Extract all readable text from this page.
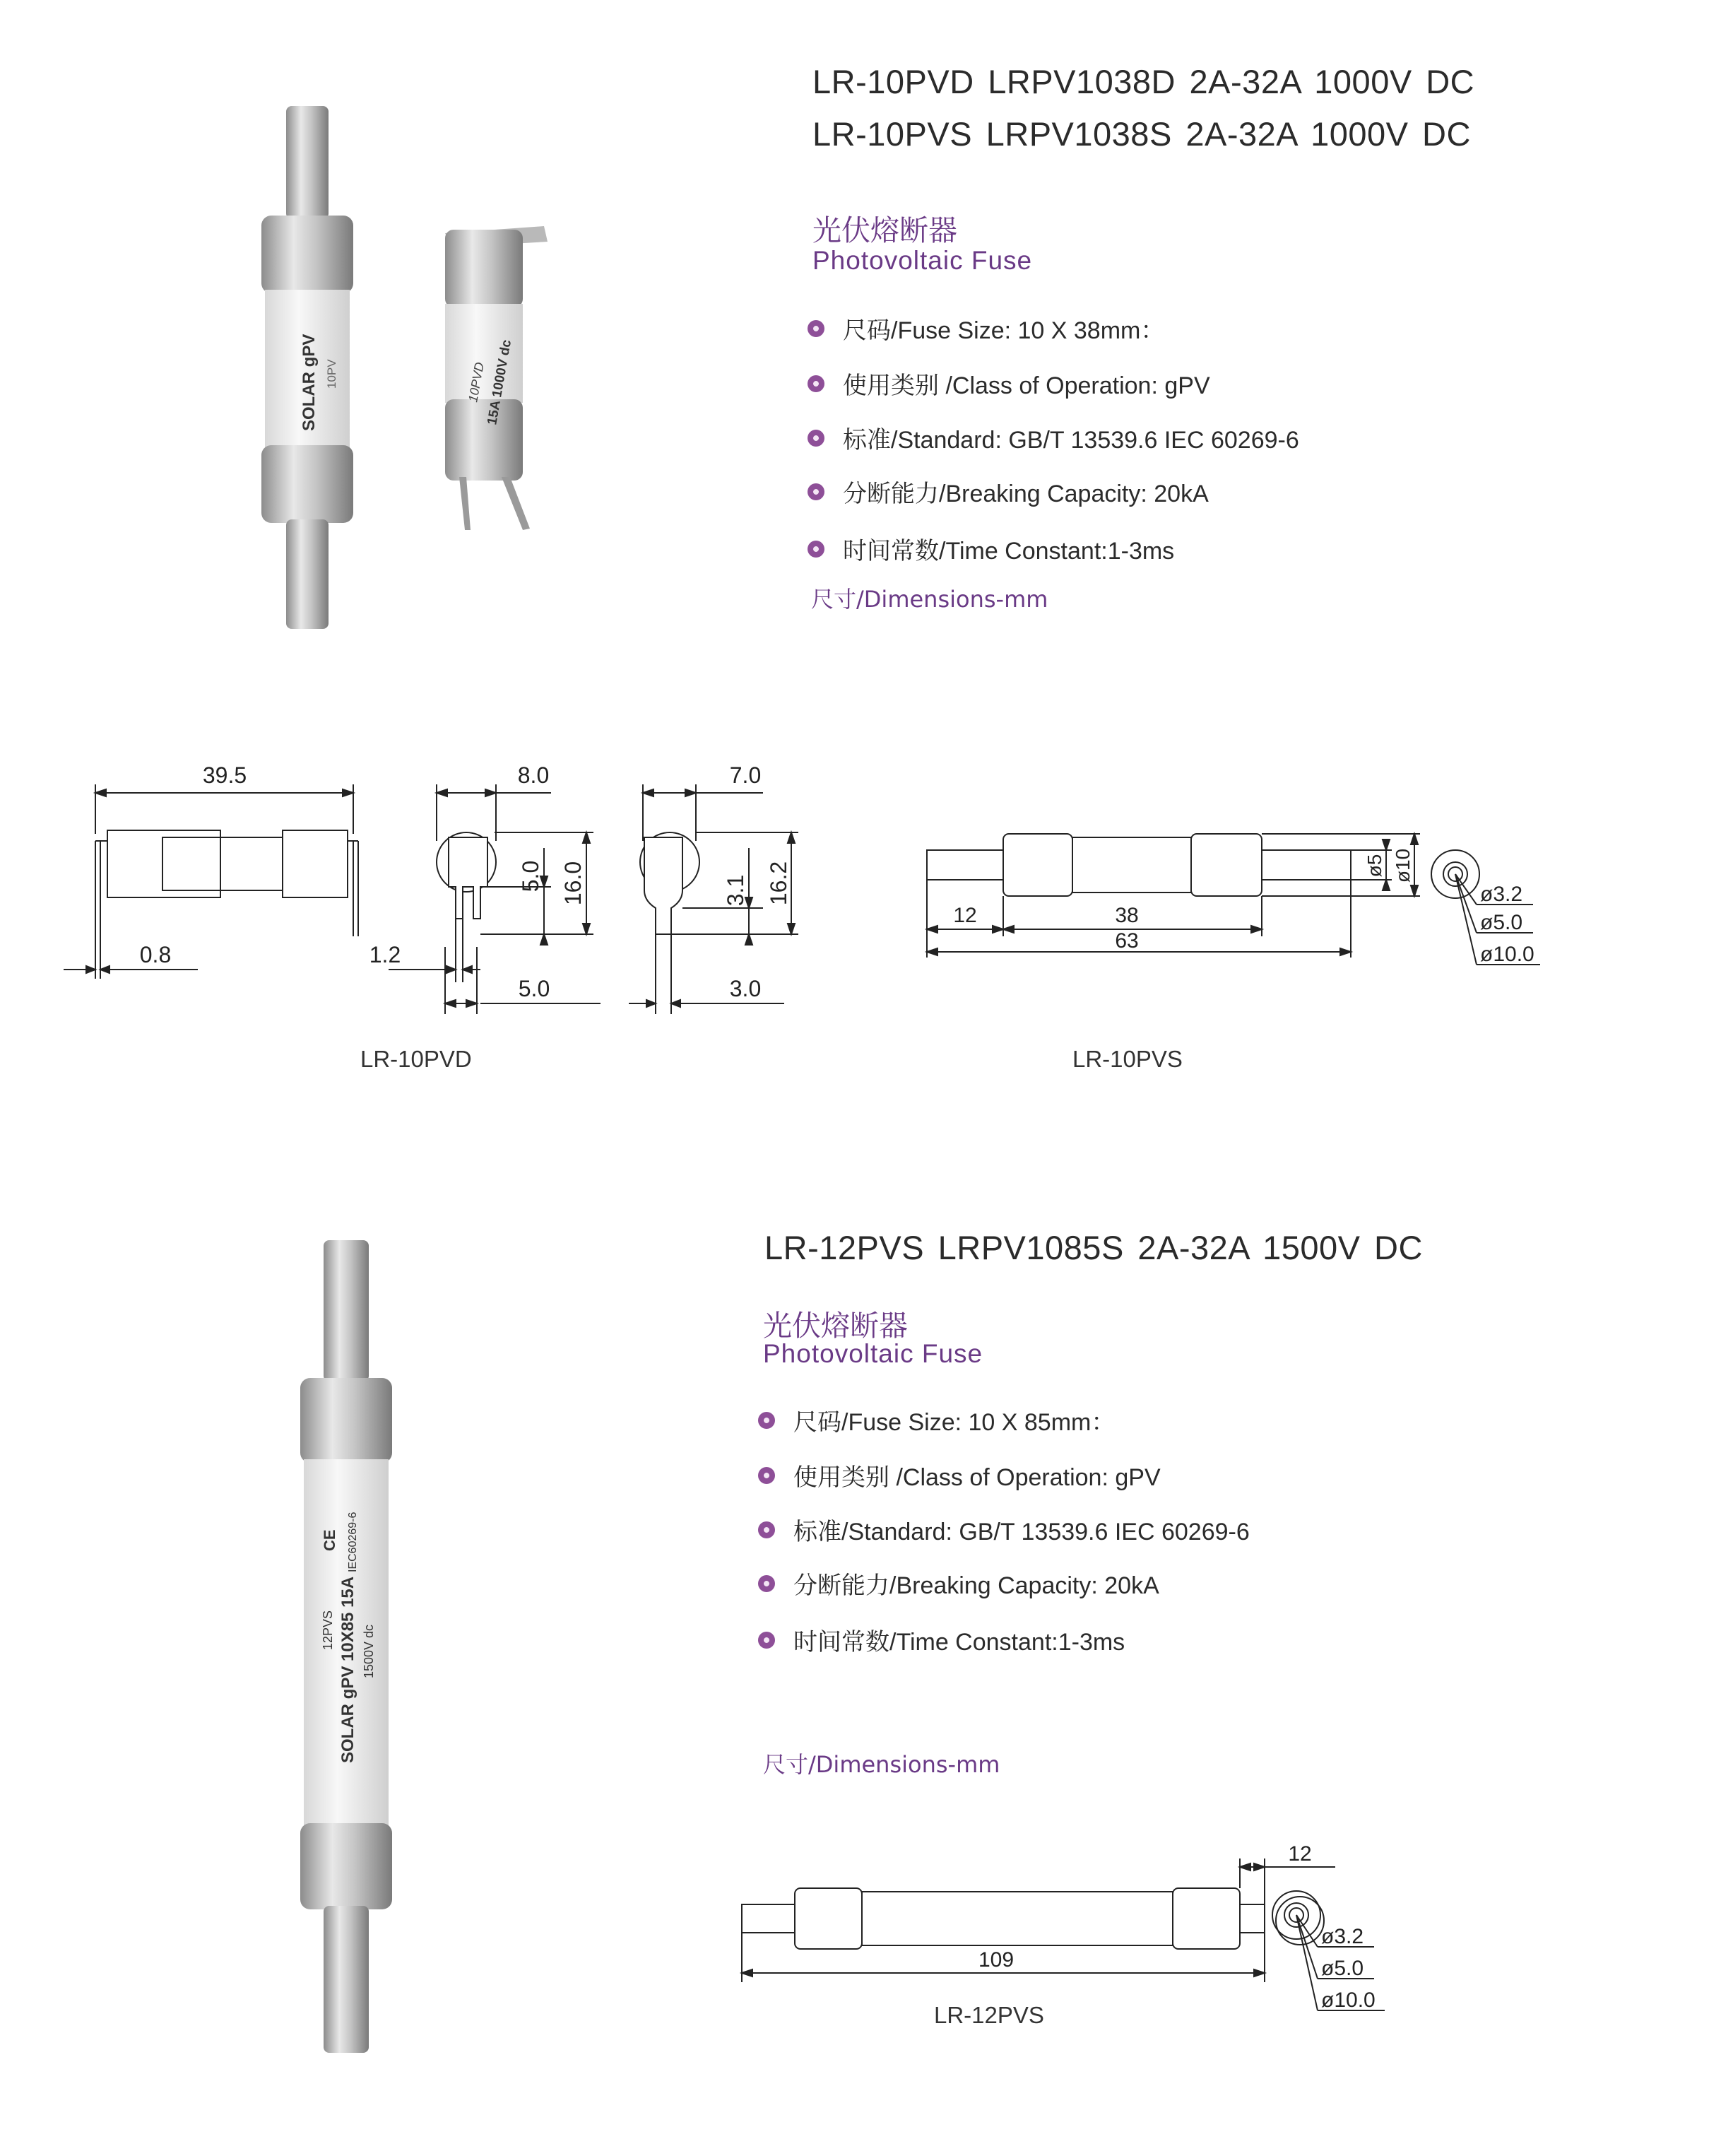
SOLAR gPV 10PV	10PVD
15A 1000V dc
LR-10PVD LRPV1038D 2A-32A 1000V DC
LR-10PVS LRPV1038S 2A-32A 1000V DC
光伏熔断器
Photovoltaic Fuse
尺码/Fuse Size: 10 X 38mm：
使用类别 /Class of Operation: gPV
标准/Standard: GB/T 13539.6 IEC 60269-6
分断能力/Breaking Capacity: 20kA
时间常数/Time Constant:1-3ms
尺寸/Dimensions-mm
39.5
0.8
8.0
16.0
5.0
1.2
5.0
7.0
16.2
3.1
3.0
LR-10PVD
12	38
63
ø5 ø10
ø3.2
ø5.0
ø10.0
LR-10PVS
SOLAR gPV 10X85 15A
12PVS 1500V dc
IEC60269-6
CE
LR-12PVS LRPV1085S 2A-32A 1500V DC
光伏熔断器
Photovoltaic Fuse
尺码/Fuse Size: 10 X 85mm：
使用类别 /Class of Operation: gPV
标准/Standard: GB/T 13539.6 IEC 60269-6
分断能力/Breaking Capacity: 20kA
时间常数/Time Constant:1-3ms
尺寸/Dimensions-mm
12
109
ø3.2
ø5.0
ø10.0
LR-12PVS
